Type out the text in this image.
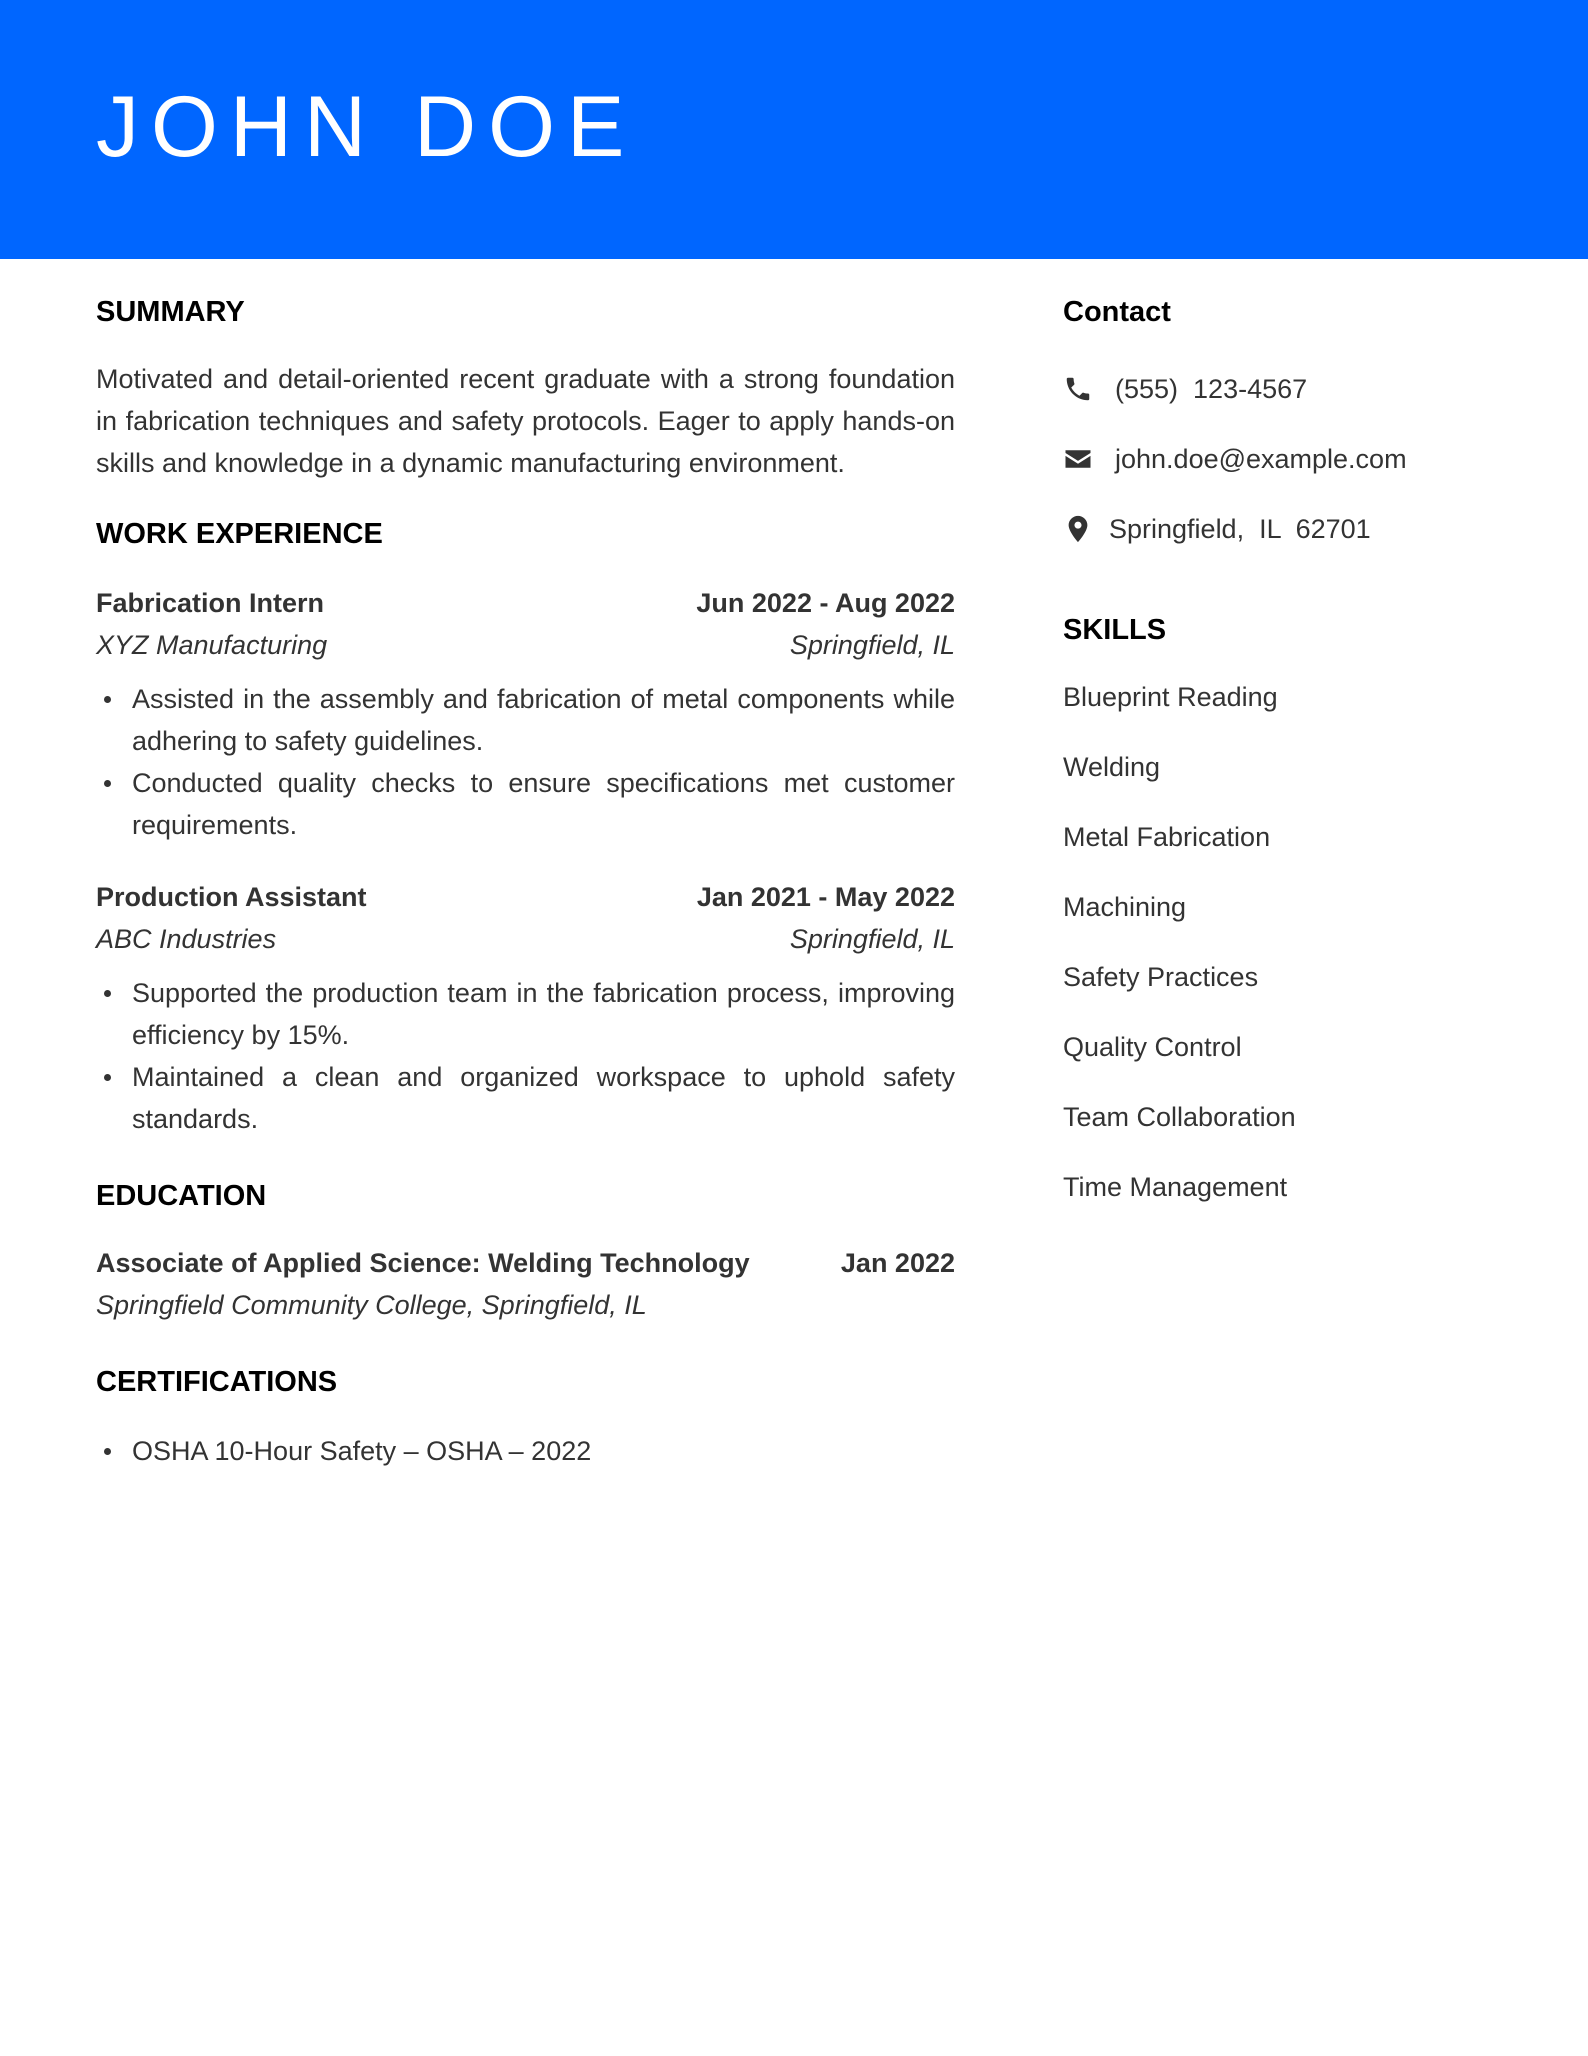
JOHN DOE
SUMMARY

Motivated and detail-oriented recent graduate with a strong foundation in fabrication techniques and safety protocols. Eager to apply hands-on skills and knowledge in a dynamic manufacturing environment.

WORK EXPERIENCE
Fabrication Intern	Jun 2022 - Aug 2022
XYZ Manufacturing	Springfield, IL
Assisted in the assembly and fabrication of metal components while adhering to safety guidelines.
Conducted quality checks to ensure specifications met customer requirements.
Production Assistant	Jan 2021 - May 2022
ABC Industries	Springfield, IL
Supported the production team in the fabrication process, improving efficiency by 15%.
Maintained a clean and organized workspace to uphold safety standards.
EDUCATION
Associate of Applied Science: Welding Technology	Jan 2022
Springfield Community College, Springfield, IL
CERTIFICATIONS
OSHA 10-Hour Safety – OSHA – 2022
Contact
(555)  123-4567
john.doe@example.com
Springfield,  IL  62701
SKILLS
Blueprint Reading
Welding
Metal Fabrication
Machining
Safety Practices
Quality Control
Team Collaboration
Time Management
